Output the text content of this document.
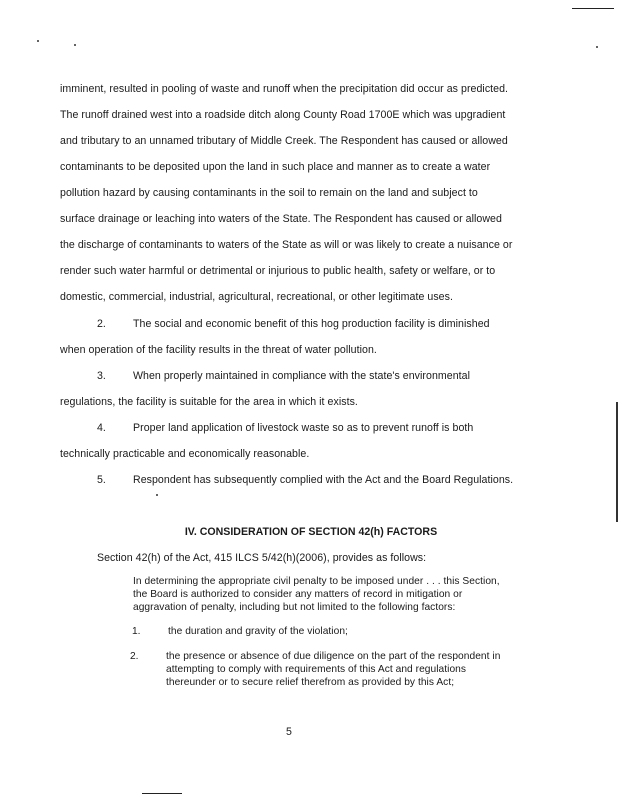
imminent, resulted in pooling of waste and runoff when the precipitation did occur as predicted.
The runoff drained west into a roadside ditch along County Road 1700E which was upgradient
and tributary to an unnamed tributary of Middle Creek. The Respondent has caused or allowed
contaminants to be deposited upon the land in such place and manner as to create a water
pollution hazard by causing contaminants in the soil to remain on the land and subject to
surface drainage or leaching into waters of the State. The Respondent has caused or allowed
the discharge of contaminants to waters of the State as will or was likely to create a nuisance or
render such water harmful or detrimental or injurious to public health, safety or welfare, or to
domestic, commercial, industrial, agricultural, recreational, or other legitimate uses.
2.	The social and economic benefit of this hog production facility is diminished
when operation of the facility results in the threat of water pollution.
3.	When properly maintained in compliance with the state's environmental
regulations, the facility is suitable for the area in which it exists.
4.	Proper land application of livestock waste so as to prevent runoff is both
technically practicable and economically reasonable.
5.	Respondent has subsequently complied with the Act and the Board Regulations.
IV. CONSIDERATION OF SECTION 42(h) FACTORS
Section 42(h) of the Act, 415 ILCS 5/42(h)(2006), provides as follows:
In determining the appropriate civil penalty to be imposed under . . . this Section,
the Board is authorized to consider any matters of record in mitigation or
aggravation of penalty, including but not limited to the following factors:
1.	the duration and gravity of the violation;
2.	the presence or absence of due diligence on the part of the respondent in
attempting to comply with requirements of this Act and regulations
thereunder or to secure relief therefrom as provided by this Act;
5
